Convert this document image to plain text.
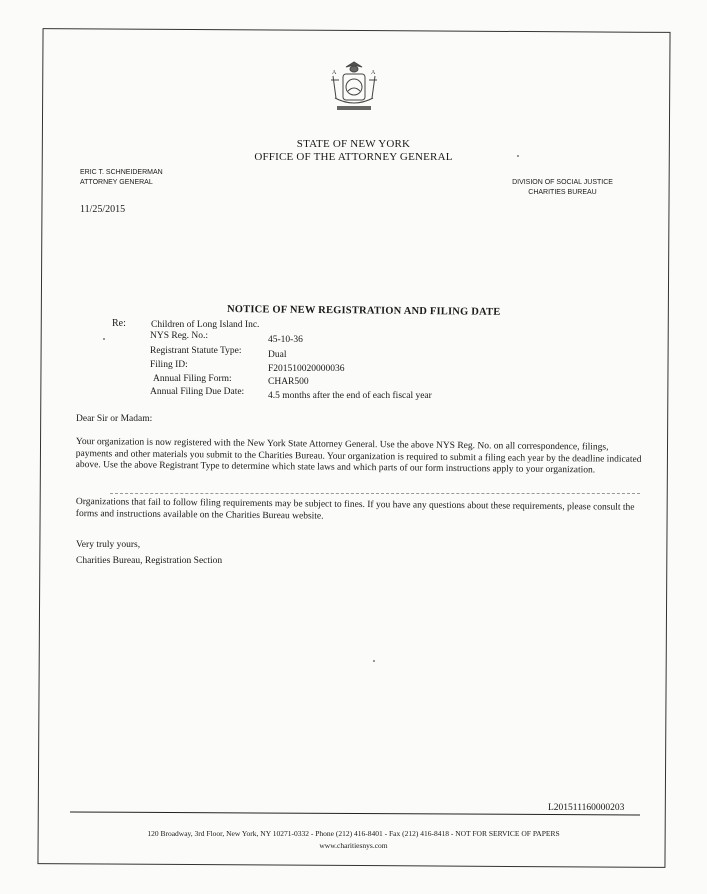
A	A
STATE OF NEW YORK
OFFICE OF THE ATTORNEY GENERAL
ERIC T. SCHNEIDERMAN
ATTORNEY GENERAL	DIVISION OF SOCIAL JUSTICE
CHARITIES BUREAU
11/25/2015
NOTICE OF NEW REGISTRATION AND FILING DATE
Re:	Children of Long Island Inc.
NYS Reg. No.:	45-10-36
Registrant Statute Type:	Dual
Filing ID:	F201510020000036
Annual Filing Form:	CHAR500
Annual Filing Due Date:	4.5 months after the end of each fiscal year
Dear Sir or Madam:
Your organization is now registered with the New York State Attorney General. Use the above NYS Reg. No. on all correspondence, filings, payments and other materials you submit to the Charities Bureau. Your organization is required to submit a filing each year by the deadline indicated above. Use the above Registrant Type to determine which state laws and which parts of our form instructions apply to your organization.
Organizations that fail to follow filing requirements may be subject to fines. If you have any questions about these requirements, please consult the forms and instructions available on the Charities Bureau website.
Very truly yours,
Charities Bureau, Registration Section
L201511160000203
120 Broadway, 3rd Floor, New York, NY 10271-0332 - Phone (212) 416-8401 - Fax (212) 416-8418 - NOT FOR SERVICE OF PAPERS
www.charitiesnys.com
